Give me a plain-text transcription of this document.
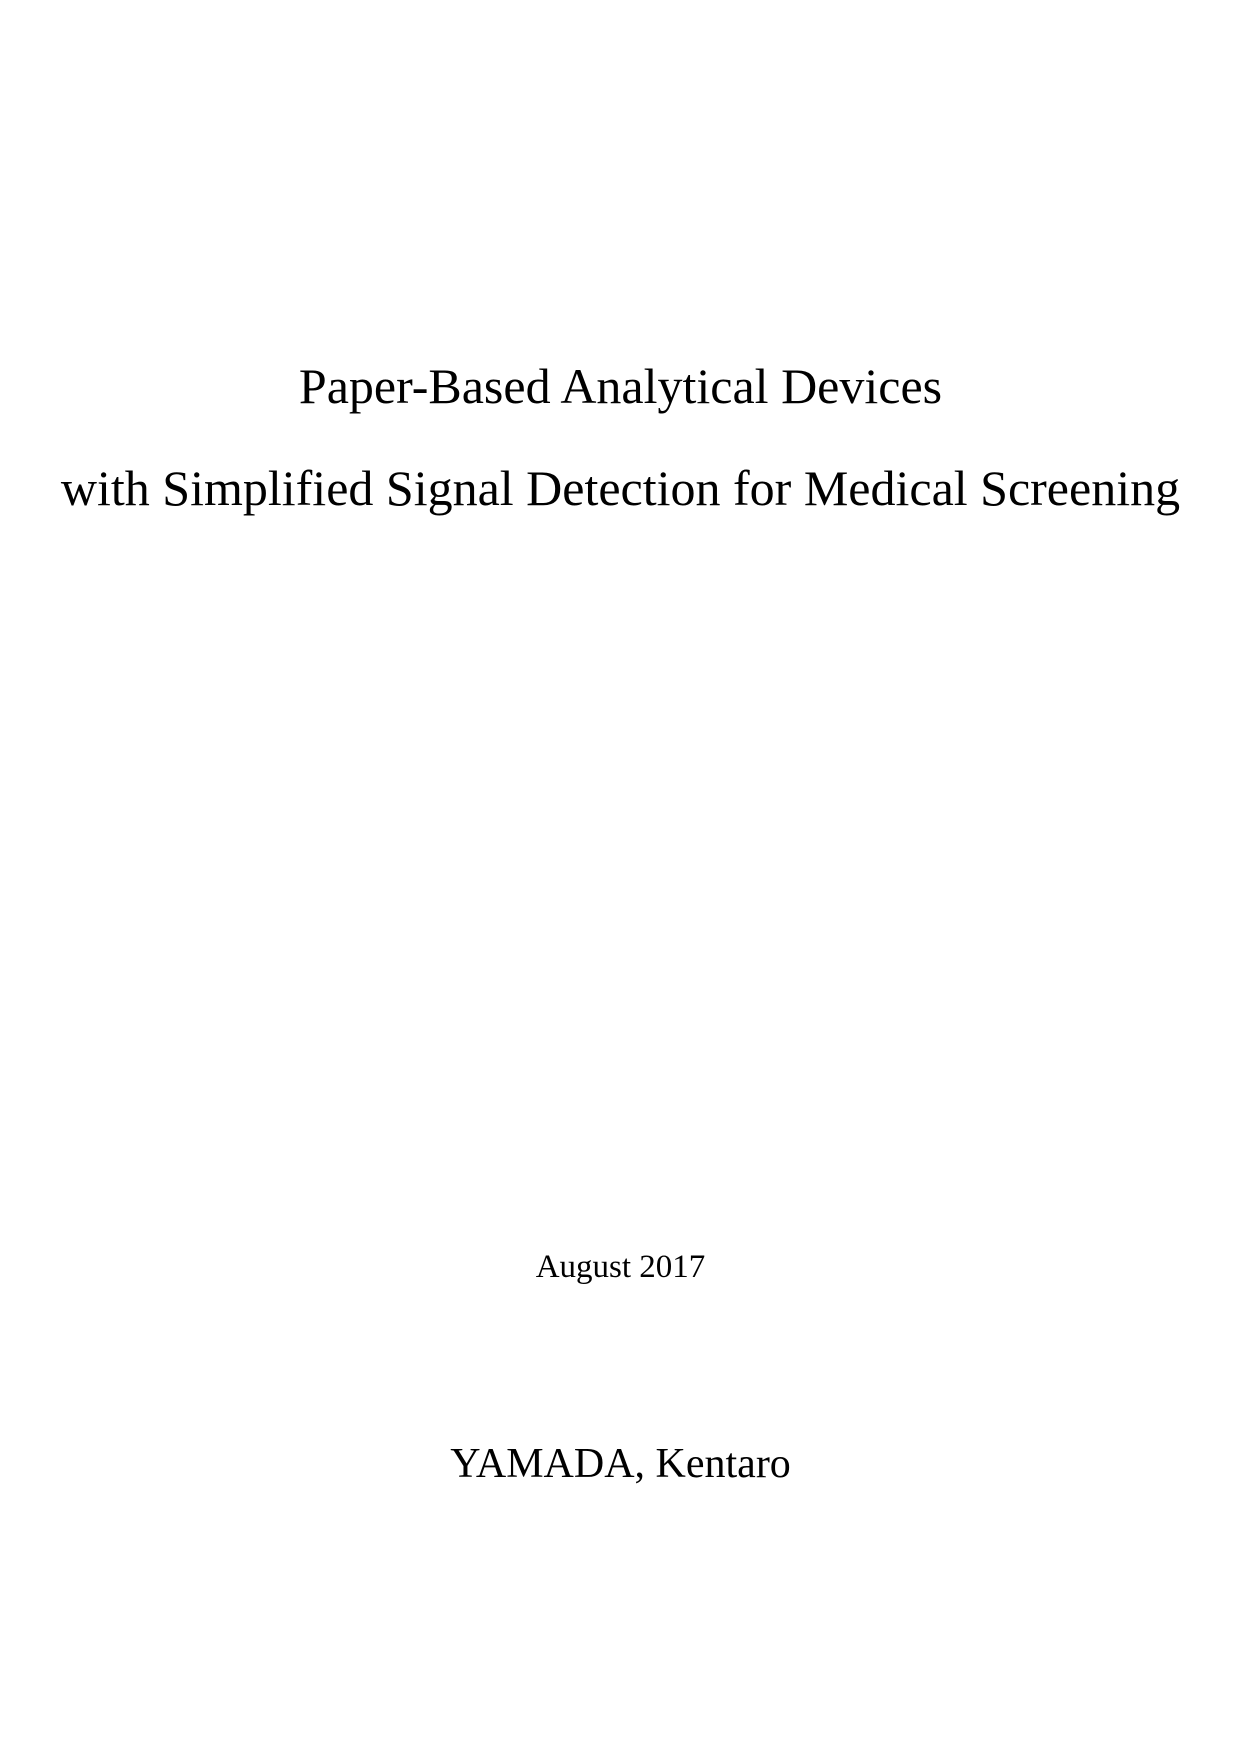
Paper-Based Analytical Devices
with Simplified Signal Detection for Medical Screening
August 2017
YAMADA, Kentaro
